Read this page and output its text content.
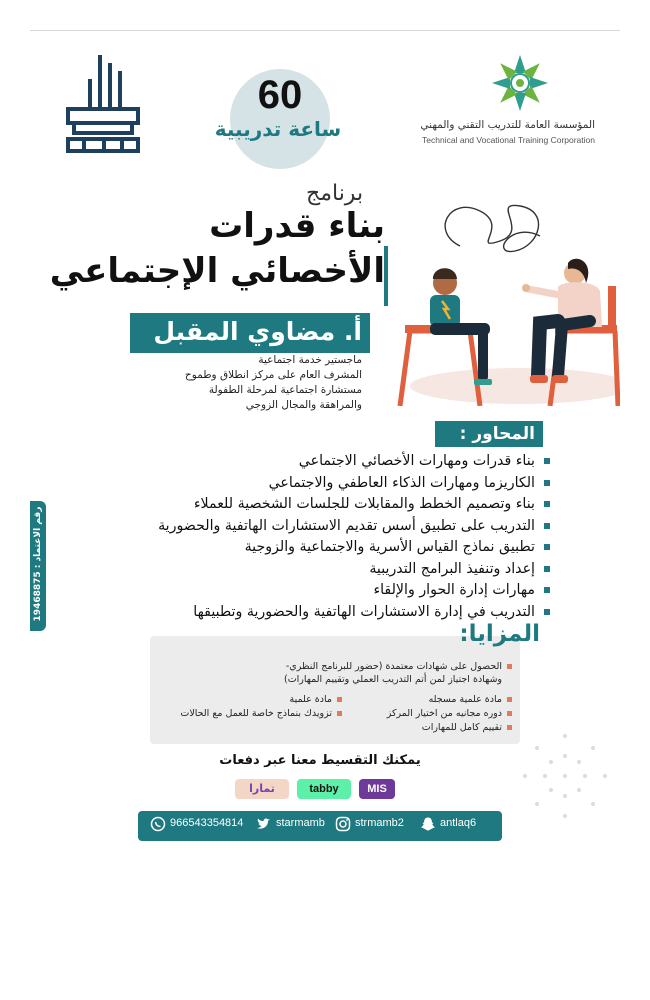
المؤسسة العامة للتدريب التقني والمهني
Technical and Vocational Training Corporation
60
ساعة تدريبية
برنامج
بناء قدرات
الأخصائي الإجتماعي
أ. مضاوي المقبل
ماجستير خدمة اجتماعية
المشرف العام على مركز انطلاق وطموح
مستشارة اجتماعية لمرحلة الطفولة
والمراهقة والمجال الزوجي
المحاور :
بناء قدرات ومهارات الأخصائي الاجتماعي
الكاريزما ومهارات الذكاء العاطفي والاجتماعي
بناء وتصميم الخطط والمقابلات للجلسات الشخصية للعملاء
التدريب على تطبيق أسس تقديم الاستشارات الهاتفية والحضورية
تطبيق نماذج القياس الأسرية والاجتماعية والزوجية
إعداد وتنفيذ البرامج التدريبية
مهارات إدارة الحوار والإلقاء
التدريب في إدارة الاستشارات الهاتفية والحضورية وتطبيقها
رقم الاعتماد : 19468875
المزايا:
الحصول على شهادات معتمدة (حضور للبرنامج النظري-
وشهادة اجتياز لمن أتم التدريب العملي وتقييم المهارات)
مادة علمية مسجله
دوره مجانيه من اختيار المركز
تقييم كامل للمهارات
مادة علمية
تزويدك بنماذج خاصة للعمل مع الحالات
يمكنك التقسيط معنا عبر دفعات
تمارا	tabby	MIS
966543354814	starmamb	strmamb2	antlaq6
